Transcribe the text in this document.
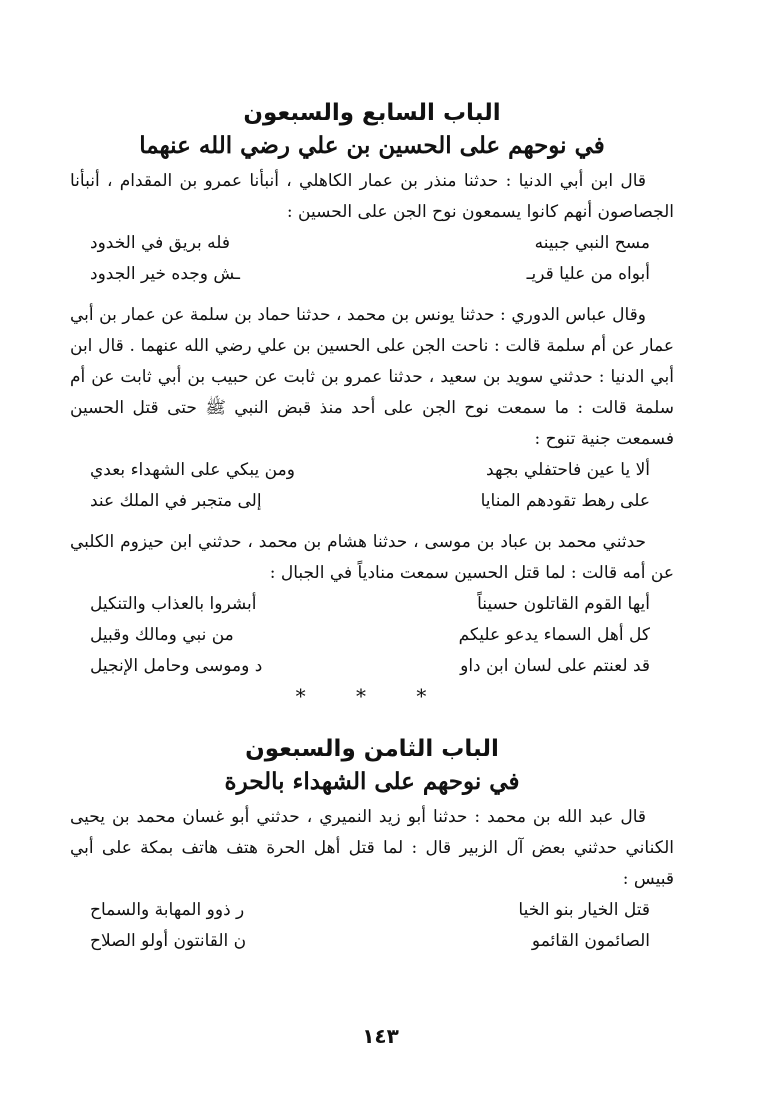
الباب السابع والسبعون
في نوحهم على الحسين بن علي رضي الله عنهما

قال ابن أبي الدنيا : حدثنا منذر بن عمار الكاهلي ، أنبأنا عمرو بن المقدام ، أنبأنا الجصاصون أنهم كانوا يسمعون نوح الجن على الحسين :

مسح النبي جبينه
فله بريق في الخدود
أبواه من عليا قريـ
ـش وجده خير الجدود

وقال عباس الدوري : حدثنا يونس بن محمد ، حدثنا حماد بن سلمة عن عمار بن أبي عمار عن أم سلمة قالت : ناحت الجن على الحسين بن علي رضي الله عنهما . قال ابن أبي الدنيا : حدثني سويد بن سعيد ، حدثنا عمرو بن ثابت عن حبيب بن أبي ثابت عن أم سلمة قالت : ما سمعت نوح الجن على أحد منذ قبض النبي ﷺ حتى قتل الحسين فسمعت جنية تنوح :

ألا يا عين فاحتفلي بجهد
ومن يبكي على الشهداء بعدي
على رهط تقودهم المنايا
إلى متجبر في الملك عند

حدثني محمد بن عباد بن موسى ، حدثنا هشام بن محمد ، حدثني ابن حيزوم الكلبي عن أمه قالت : لما قتل الحسين سمعت منادياً في الجبال :

أيها القوم القاتلون حسيناً
أبشروا بالعذاب والتنكيل
كل أهل السماء يدعو عليكم
من نبي ومالك وقبيل
قد لعنتم على لسان ابن داو
د وموسى وحامل الإنجيل
* * *
الباب الثامن والسبعون
في نوحهم على الشهداء بالحرة

قال عبد الله بن محمد : حدثنا أبو زيد النميري ، حدثني أبو غسان محمد بن يحيى الكناني حدثني بعض آل الزبير قال : لما قتل أهل الحرة هتف هاتف بمكة على أبي قبيس :

قتل الخيار بنو الخيا
ر ذوو المهابة والسماح
الصائمون القائمو
ن القانتون أولو الصلاح
١٤٣
